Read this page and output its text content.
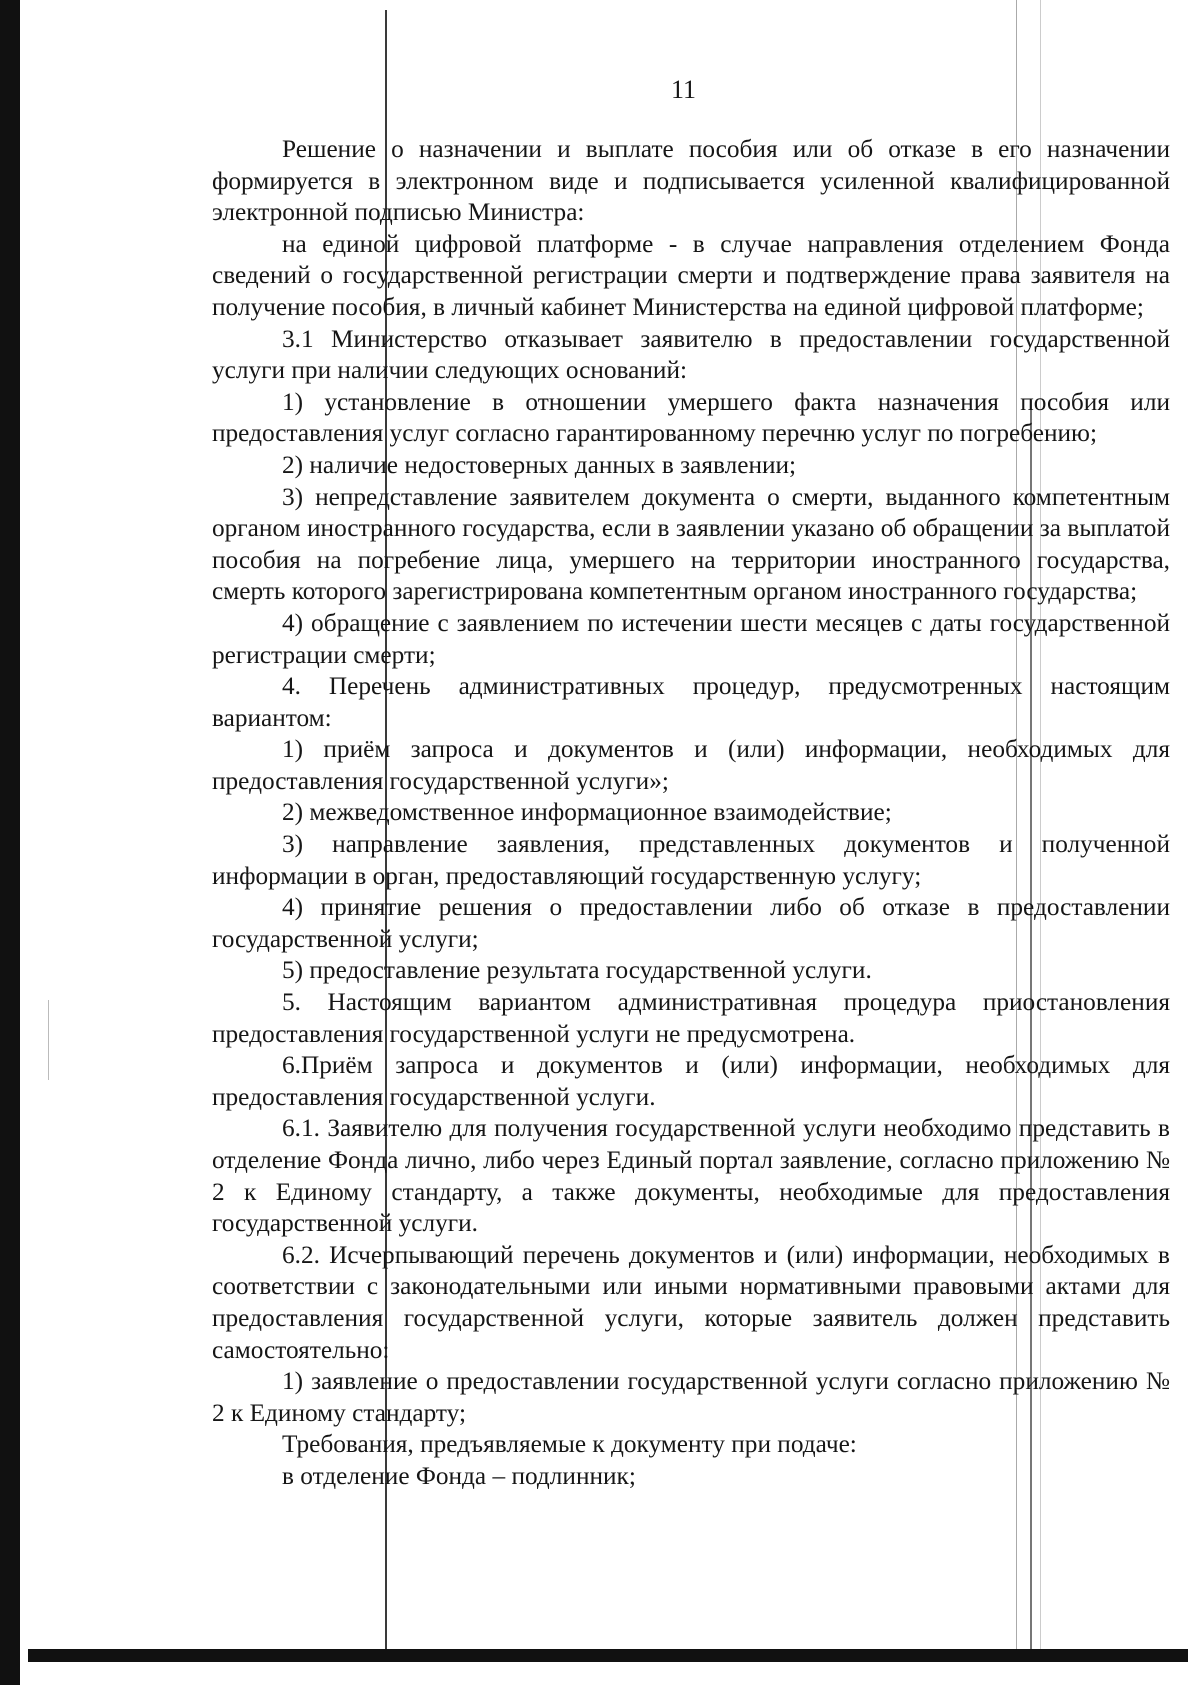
11

Решение о назначении и выплате пособия или об отказе в его назначении формируется в электронном виде и подписывается усиленной квалифицированной электронной подписью Министра:

на единой цифровой платформе - в случае направления отделением Фонда сведений о государственной регистрации смерти и подтверждение права заявителя на получение пособия, в личный кабинет Министерства на единой цифровой платформе;

3.1 Министерство отказывает заявителю в предоставлении государственной услуги при наличии следующих оснований:

1) установление в отношении умершего факта назначения пособия или предоставления услуг согласно гарантированному перечню услуг по погребению;

2) наличие недостоверных данных в заявлении;

3) непредставление заявителем документа о смерти, выданного компетентным органом иностранного государства, если в заявлении указано об обращении за выплатой пособия на погребение лица, умершего на территории иностранного государства, смерть которого зарегистрирована компетентным органом иностранного государства;

4) обращение с заявлением по истечении шести месяцев с даты государственной регистрации смерти;

4. Перечень административных процедур, предусмотренных настоящим вариантом:

1) приём запроса и документов и (или) информации, необходимых для предоставления государственной услуги»;

2) межведомственное информационное взаимодействие;

3) направление заявления, представленных документов и полученной информации в орган, предоставляющий государственную услугу;

4) принятие решения о предоставлении либо об отказе в предоставлении государственной услуги;

5) предоставление результата государственной услуги.

5. Настоящим вариантом административная процедура приостановления предоставления государственной услуги не предусмотрена.

6.Приём запроса и документов и (или) информации, необходимых для предоставления государственной услуги.

6.1. Заявителю для получения государственной услуги необходимо представить в отделение Фонда лично, либо через Единый портал заявление, согласно приложению № 2 к Единому стандарту, а также документы, необходимые для предоставления государственной услуги.

6.2. Исчерпывающий перечень документов и (или) информации, необходимых в соответствии с законодательными или иными нормативными правовыми актами для предоставления государственной услуги, которые заявитель должен представить самостоятельно:

1) заявление о предоставлении государственной услуги согласно приложению № 2 к Единому стандарту;

Требования, предъявляемые к документу при подаче:

в отделение Фонда – подлинник;
